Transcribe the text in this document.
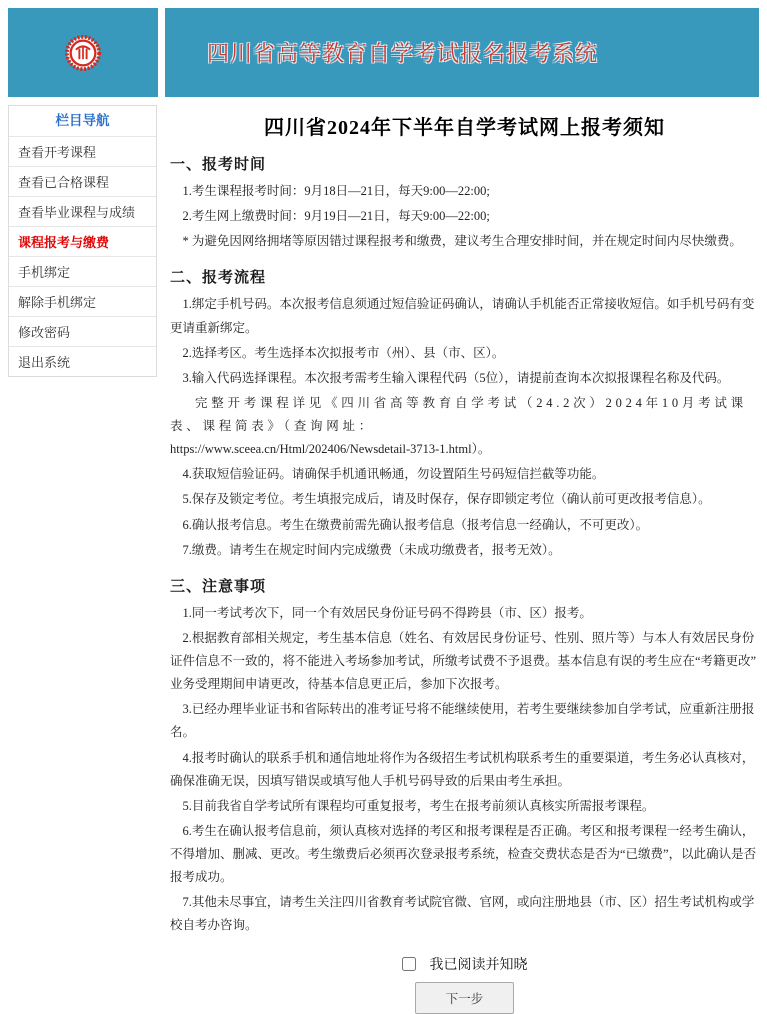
四川省高等教育自学考试报名报考系统
栏目导航
查看开考课程
查看已合格课程
查看毕业课程与成绩
课程报考与缴费
手机绑定
解除手机绑定
修改密码
退出系统
四川省2024年下半年自学考试网上报考须知
一、报考时间

1.考生课程报考时间：9月18日—21日，每天9:00—22:00;

2.考生网上缴费时间：9月19日—21日，每天9:00—22:00;

* 为避免因网络拥堵等原因错过课程报考和缴费，建议考生合理安排时间，并在规定时间内尽快缴费。

二、报考流程

1.绑定手机号码。本次报考信息须通过短信验证码确认，请确认手机能否正常接收短信。如手机号码有变更请重新绑定。

2.选择考区。考生选择本次拟报考市（州）、县（市、区）。

3.输入代码选择课程。本次报考需考生输入课程代码（5位），请提前查询本次拟报课程名称及代码。

完整开考课程详见《四川省高等教育自学考试（24.2次）2024年10月考试课表、课程简表》（查询网址：

https://www.sceea.cn/Html/202406/Newsdetail-3713-1.html）。

4.获取短信验证码。请确保手机通讯畅通，勿设置陌生号码短信拦截等功能。

5.保存及锁定考位。考生填报完成后，请及时保存，保存即锁定考位（确认前可更改报考信息）。

6.确认报考信息。考生在缴费前需先确认报考信息（报考信息一经确认，不可更改）。

7.缴费。请考生在规定时间内完成缴费（未成功缴费者，报考无效）。

三、注意事项

1.同一考试考次下，同一个有效居民身份证号码不得跨县（市、区）报考。

2.根据教育部相关规定，考生基本信息（姓名、有效居民身份证号、性别、照片等）与本人有效居民身份证件信息不一致的，将不能进入考场参加考试，所缴考试费不予退费。基本信息有误的考生应在“考籍更改”业务受理期间申请更改，待基本信息更正后，参加下次报考。

3.已经办理毕业证书和省际转出的准考证号将不能继续使用，若考生要继续参加自学考试，应重新注册报名。

4.报考时确认的联系手机和通信地址将作为各级招生考试机构联系考生的重要渠道，考生务必认真核对，确保准确无误，因填写错误或填写他人手机号码导致的后果由考生承担。

5.目前我省自学考试所有课程均可重复报考，考生在报考前须认真核实所需报考课程。

6.考生在确认报考信息前，须认真核对选择的考区和报考课程是否正确。考区和报考课程一经考生确认，不得增加、删减、更改。考生缴费后必须再次登录报考系统，检查交费状态是否为“已缴费”，以此确认是否报考成功。

7.其他未尽事宜，请考生关注四川省教育考试院官微、官网，或向注册地县（市、区）招生考试机构或学校自考办咨询。

我已阅读并知晓
下一步
